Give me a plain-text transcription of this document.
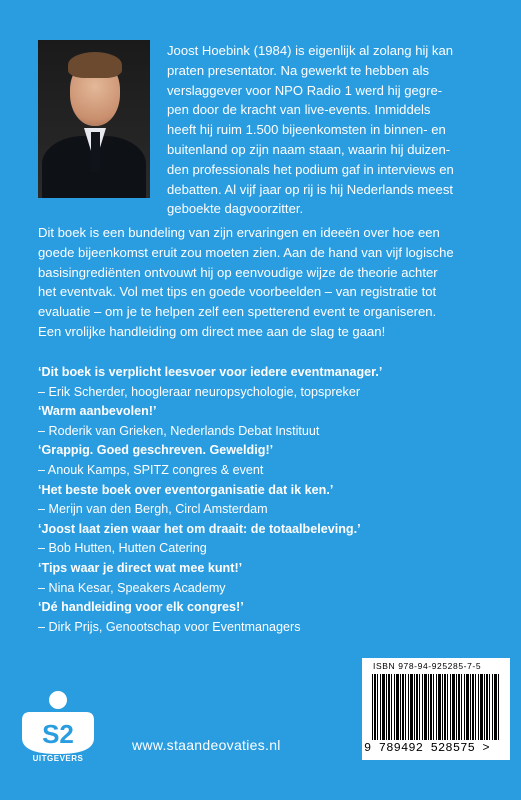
Joost Hoebink (1984) is eigenlijk al zolang hij kan
praten presentator. Na gewerkt te hebben als
verslaggever voor NPO Radio 1 werd hij gegre-
pen door de kracht van live-events. Inmiddels
heeft hij ruim 1.500 bijeenkomsten in binnen- en
buitenland op zijn naam staan, waarin hij duizen-
den professionals het podium gaf in interviews en
debatten. Al vijf jaar op rij is hij Nederlands meest
geboekte dagvoorzitter.
Dit boek is een bundeling van zijn ervaringen en ideeën over hoe een
goede bijeenkomst eruit zou moeten zien. Aan de hand van vijf logische
basisingrediënten ontvouwt hij op eenvoudige wijze de theorie achter
het eventvak. Vol met tips en goede voorbeelden – van registratie tot
evaluatie – om je te helpen zelf een spetterend event te organiseren.
Een vrolijke handleiding om direct mee aan de slag te gaan!
‘Dit boek is verplicht leesvoer voor iedere eventmanager.’
– Erik Scherder, hoogleraar neuropsychologie, topspreker
‘Warm aanbevolen!’
– Roderik van Grieken, Nederlands Debat Instituut
‘Grappig. Goed geschreven. Geweldig!’
– Anouk Kamps, SPITZ congres & event
‘Het beste boek over eventorganisatie dat ik ken.’
– Merijn van den Bergh, Circl Amsterdam
‘Joost laat zien waar het om draait: de totaalbeleving.’
– Bob Hutten, Hutten Catering
‘Tips waar je direct wat mee kunt!’
– Nina Kesar, Speakers Academy
‘Dé handleiding voor elk congres!’
– Dirk Prijs, Genootschap voor Eventmanagers
ISBN 978-94-925285-7-5
9 789492 528575 >
S2
UITGEVERS
www.staandeovaties.nl
